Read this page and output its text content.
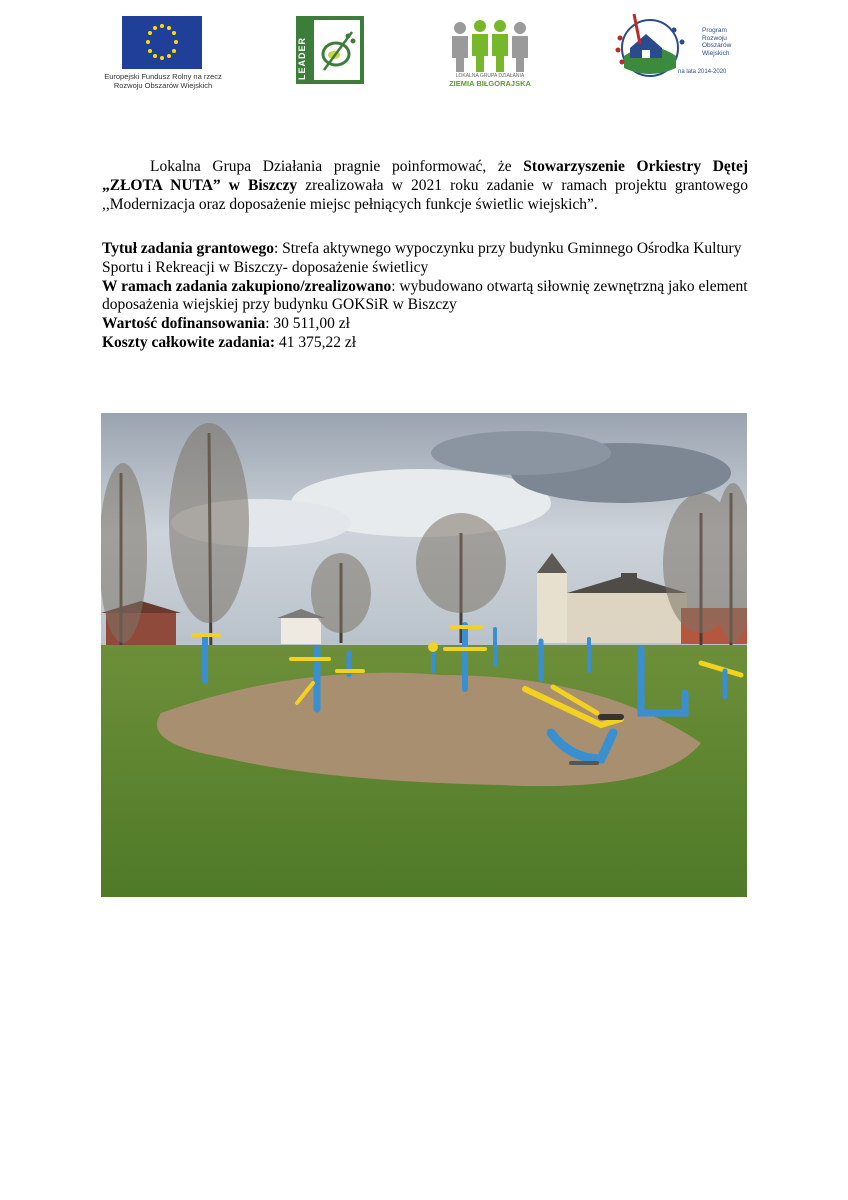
Europejski Fundusz Rolny na rzecz
Rozwoju Obszarów Wiejskich
LEADER	LOKALNA GRUPA DZIAŁANIA
ZIEMIA BIŁGORAJSKA
Program
Rozwoju
Obszarów
Wiejskich
na lata 2014-2020
Lokalna Grupa Działania pragnie poinformować, że Stowarzyszenie Orkiestry Dętej „ZŁOTA NUTA” w Biszczy zrealizowała w 2021 roku zadanie w ramach projektu grantowego ,,Modernizacja oraz doposażenie miejsc pełniących funkcje świetlic wiejskich”.
Tytuł zadania grantowego: Strefa aktywnego wypoczynku przy budynku Gminnego Ośrodka Kultury Sportu i Rekreacji w Biszczy- doposażenie świetlicy
W ramach zadania zakupiono/zrealizowano: wybudowano otwartą siłownię zewnętrzną jako element doposażenia wiejskiej przy budynku GOKSiR w Biszczy
Wartość dofinansowania: 30 511,00 zł
Koszty całkowite zadania: 41 375,22 zł
